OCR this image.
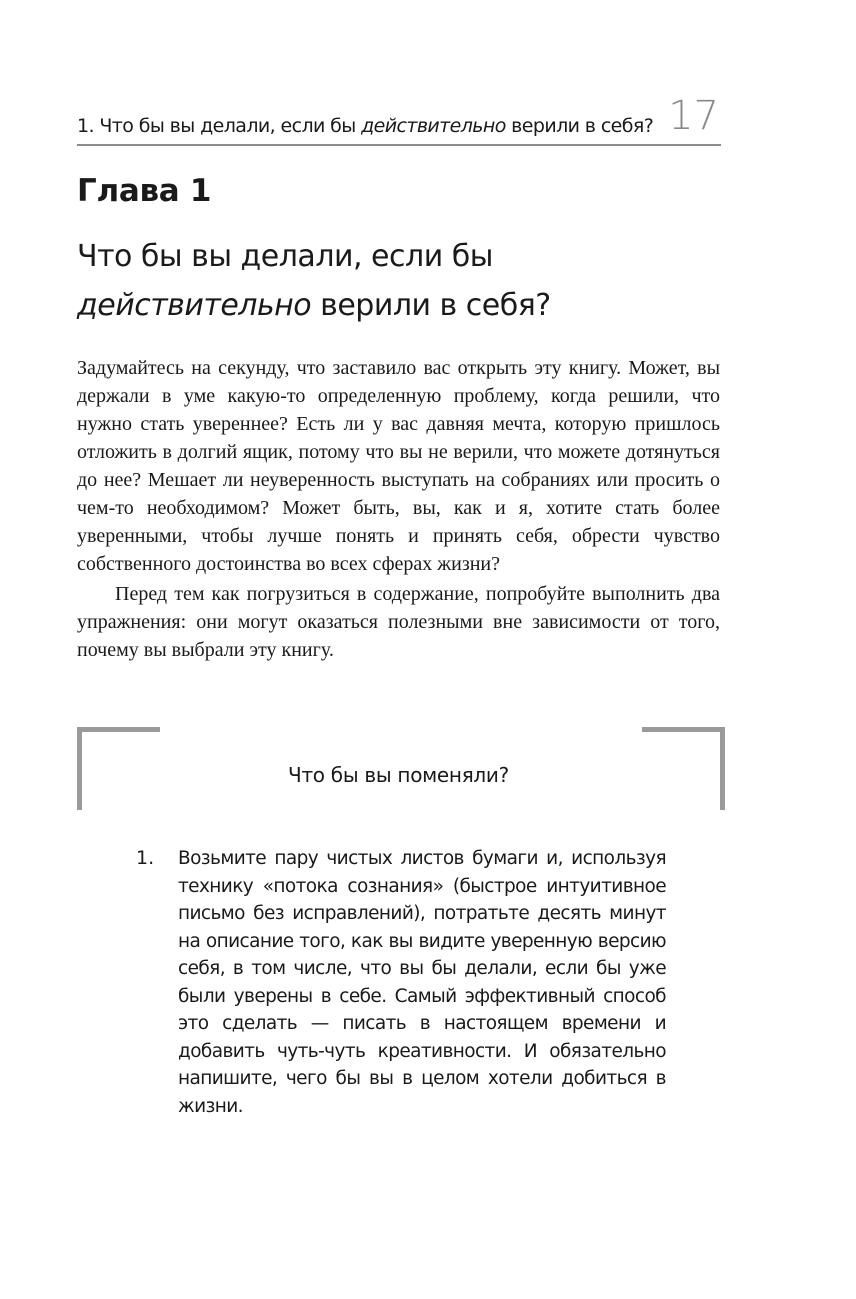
1. Что бы вы делали, если бы действительно верили в себя? 17
Глава 1
Что бы вы делали, если бы
действительно верили в себя?

Задумайтесь на секунду, что заставило вас открыть эту книгу. Может, вы держали в уме какую-то определенную проблему, когда решили, что нужно стать увереннее? Есть ли у вас давняя мечта, которую пришлось отложить в долгий ящик, потому что вы не верили, что можете дотянуться до нее? Мешает ли неуверенность выступать на собраниях или просить о чем-то необходимом? Может быть, вы, как и я, хотите стать более уверенными, чтобы лучше понять и принять себя, обрести чувство собственного достоинства во всех сферах жизни?

Перед тем как погрузиться в содержание, попробуйте выполнить два упражнения: они могут оказаться полезными вне зависимости от того, почему вы выбрали эту книгу.

Что бы вы поменяли?
1. Возьмите пару чистых листов бумаги и, используя технику «потока сознания» (быстрое интуитивное письмо без исправлений), потратьте десять минут на описание того, как вы видите уверенную версию себя, в том числе, что вы бы делали, если бы уже были уверены в себе. Самый эффективный способ это сделать — писать в настоящем времени и добавить чуть-чуть креативности. И обязательно напишите, чего бы вы в целом хотели добиться в жизни.
